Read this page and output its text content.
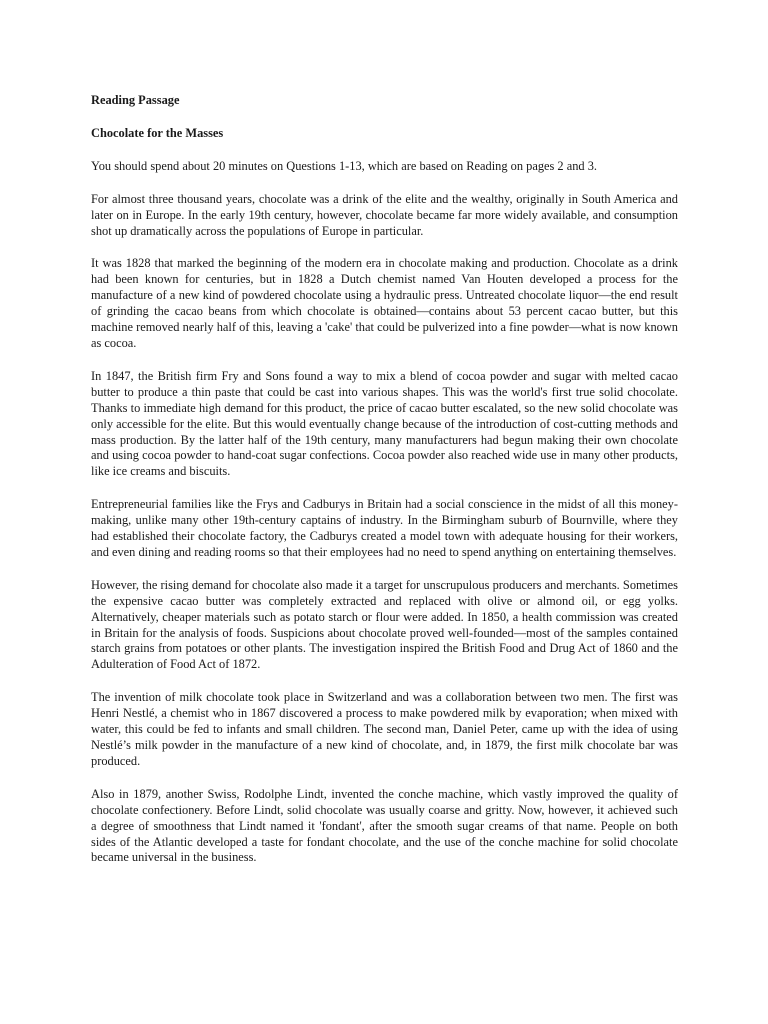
Reading Passage
Chocolate for the Masses
You should spend about 20 minutes on Questions 1-13, which are based on Reading on pages 2 and 3.

For almost three thousand years, chocolate was a drink of the elite and the wealthy, originally in South America and later on in Europe. In the early 19th century, however, chocolate became far more widely available, and consumption shot up dramatically across the populations of Europe in particular.

It was 1828 that marked the beginning of the modern era in chocolate making and production. Chocolate as a drink had been known for centuries, but in 1828 a Dutch chemist named Van Houten developed a process for the manufacture of a new kind of powdered chocolate using a hydraulic press. Untreated chocolate liquor—the end result of grinding the cacao beans from which chocolate is obtained—contains about 53 percent cacao butter, but this machine removed nearly half of this, leaving a 'cake' that could be pulverized into a fine powder—what is now known as cocoa.

In 1847, the British firm Fry and Sons found a way to mix a blend of cocoa powder and sugar with melted cacao butter to produce a thin paste that could be cast into various shapes. This was the world's first true solid chocolate. Thanks to immediate high demand for this product, the price of cacao butter escalated, so the new solid chocolate was only accessible for the elite. But this would eventually change because of the introduction of cost-cutting methods and mass production. By the latter half of the 19th century, many manufacturers had begun making their own chocolate and using cocoa powder to hand-coat sugar confections. Cocoa powder also reached wide use in many other products, like ice creams and biscuits.

Entrepreneurial families like the Frys and Cadburys in Britain had a social conscience in the midst of all this money-making, unlike many other 19th-century captains of industry. In the Birmingham suburb of Bournville, where they had established their chocolate factory, the Cadburys created a model town with adequate housing for their workers, and even dining and reading rooms so that their employees had no need to spend anything on entertaining themselves.

However, the rising demand for chocolate also made it a target for unscrupulous producers and merchants. Sometimes the expensive cacao butter was completely extracted and replaced with olive or almond oil, or egg yolks. Alternatively, cheaper materials such as potato starch or flour were added. In 1850, a health commission was created in Britain for the analysis of foods. Suspicions about chocolate proved well-founded—most of the samples contained starch grains from potatoes or other plants. The investigation inspired the British Food and Drug Act of 1860 and the Adulteration of Food Act of 1872.

The invention of milk chocolate took place in Switzerland and was a collaboration between two men. The first was Henri Nestlé, a chemist who in 1867 discovered a process to make powdered milk by evaporation; when mixed with water, this could be fed to infants and small children. The second man, Daniel Peter, came up with the idea of using Nestlé’s milk powder in the manufacture of a new kind of chocolate, and, in 1879, the first milk chocolate bar was produced.

Also in 1879, another Swiss, Rodolphe Lindt, invented the conche machine, which vastly improved the quality of chocolate confectionery. Before Lindt, solid chocolate was usually coarse and gritty. Now, however, it achieved such a degree of smoothness that Lindt named it 'fondant', after the smooth sugar creams of that name. People on both sides of the Atlantic developed a taste for fondant chocolate, and the use of the conche machine for solid chocolate became universal in the business.
